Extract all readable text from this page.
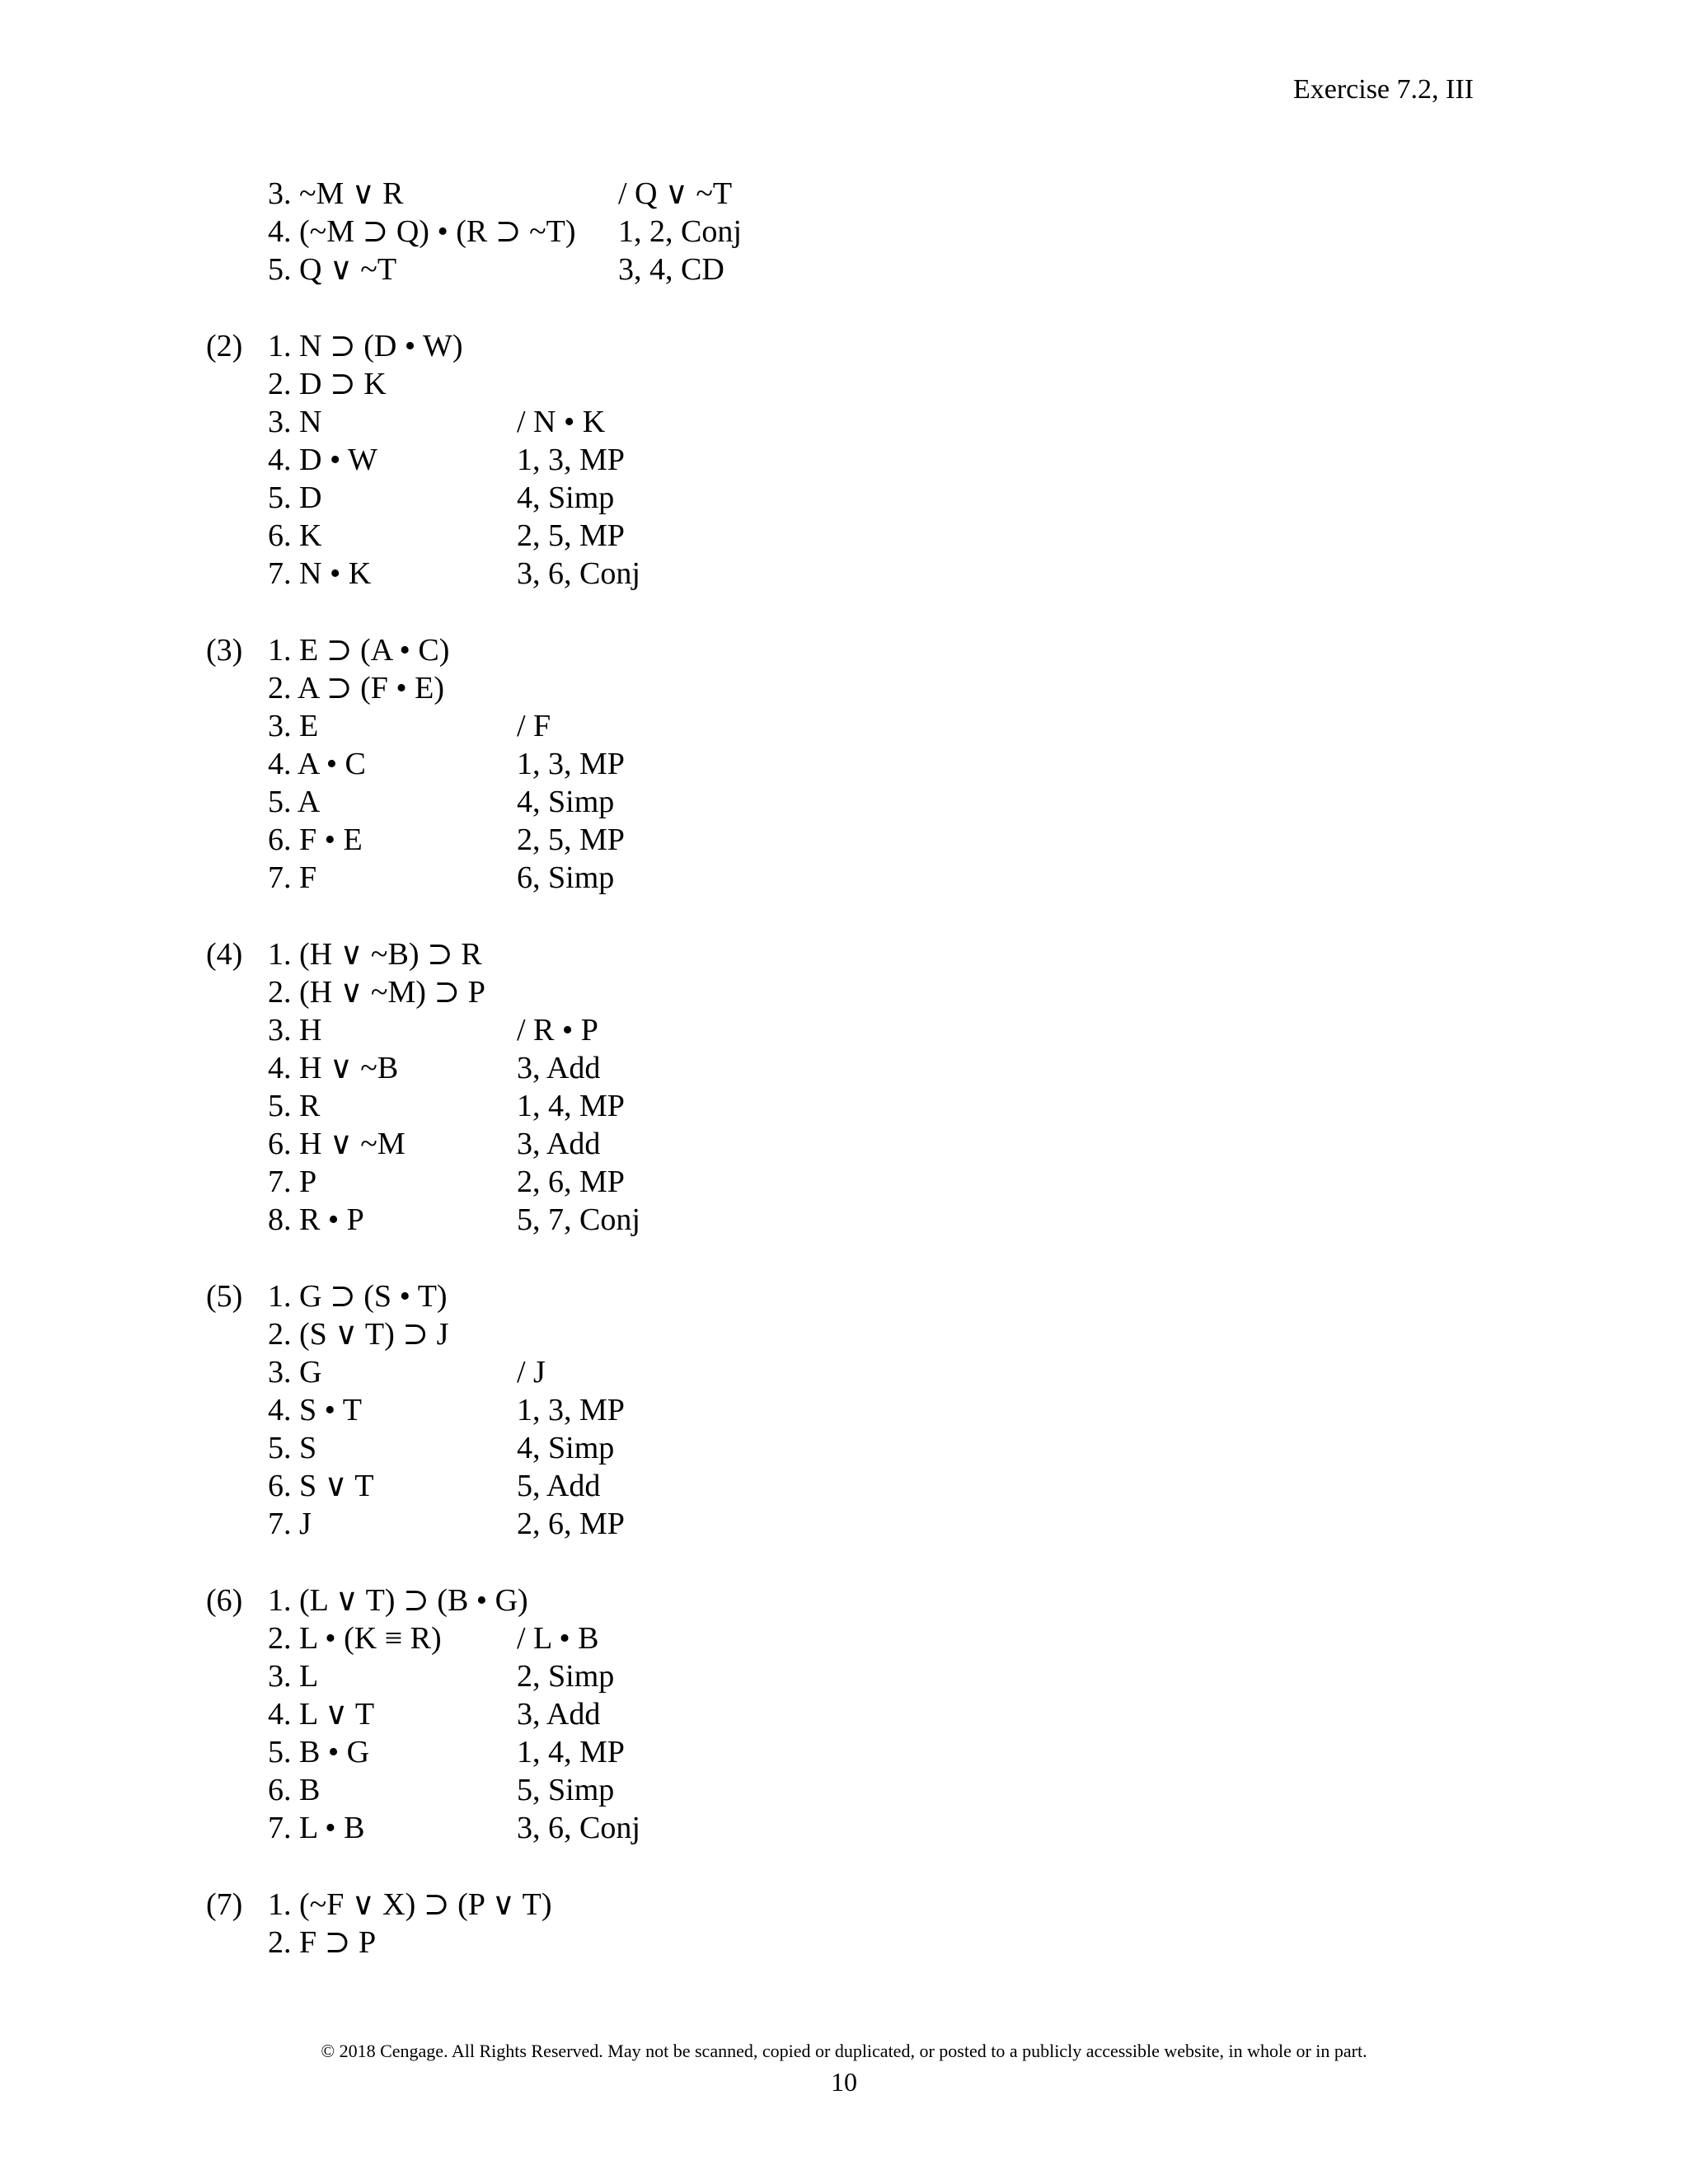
Exercise 7.2, III
3. ~M ∨ R	/ Q ∨ ~T
4. (~M ⊃ Q) • (R ⊃ ~T) 1, 2, Conj
5. Q ∨ ~T	3, 4, CD
(2) 1. N ⊃ (D • W)
2. D ⊃ K
3. N	/ N • K
4. D • W	1, 3, MP
5. D	4, Simp
6. K	2, 5, MP
7. N • K	3, 6, Conj
(3) 1. E ⊃ (A • C)
2. A ⊃ (F • E)
3. E	/ F
4. A • C	1, 3, MP
5. A	4, Simp
6. F • E	2, 5, MP
7. F	6, Simp
(4) 1. (H ∨ ~B) ⊃ R
2. (H ∨ ~M) ⊃ P
3. H	/ R • P
4. H ∨ ~B	3, Add
5. R	1, 4, MP
6. H ∨ ~M	3, Add
7. P	2, 6, MP
8. R • P	5, 7, Conj
(5) 1. G ⊃ (S • T)
2. (S ∨ T) ⊃ J
3. G	/ J
4. S • T	1, 3, MP
5. S	4, Simp
6. S ∨ T	5, Add
7. J	2, 6, MP
(6) 1. (L ∨ T) ⊃ (B • G)
2. L • (K ≡ R) / L • B
3. L	2, Simp
4. L ∨ T	3, Add
5. B • G	1, 4, MP
6. B	5, Simp
7. L • B	3, 6, Conj
(7) 1. (~F ∨ X) ⊃ (P ∨ T)
2. F ⊃ P
© 2018 Cengage. All Rights Reserved. May not be scanned, copied or duplicated, or posted to a publicly accessible website, in whole or in part.
10
